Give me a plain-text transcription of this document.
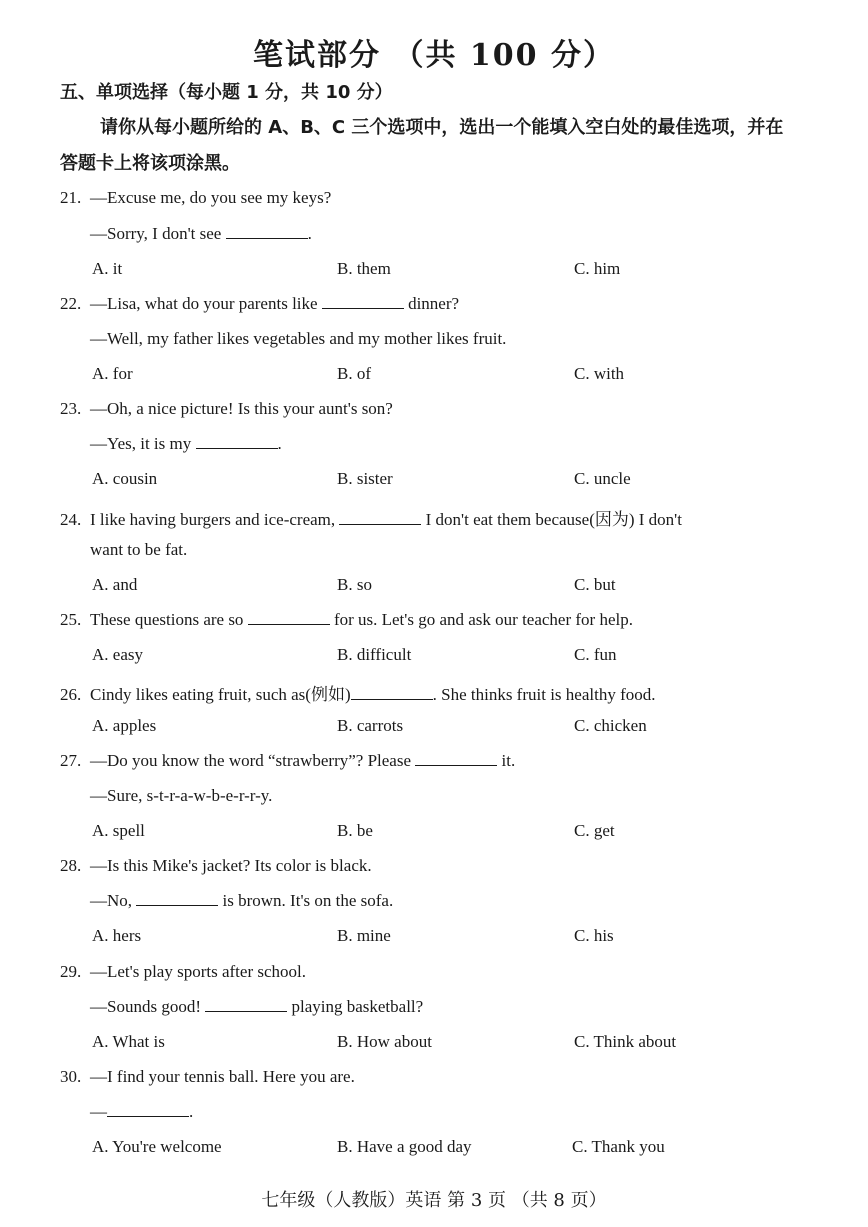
笔试部分 （共 100 分）
五、单项选择（每小题 1 分，共 10 分）
请你从每小题所给的 A、B、C 三个选项中，选出一个能填入空白处的最佳选项，并在
答题卡上将该项涂黑。
21. —Excuse me, do you see my keys?
—Sorry, I don't see	.
A. it	B. them	C. him
22. —Lisa, what do your parents like	dinner?
—Well, my father likes vegetables and my mother likes fruit.
A. for	B. of	C. with
23. —Oh, a nice picture! Is this your aunt's son?
—Yes, it is my	.
A. cousin	B. sister	C. uncle
24. I like having burgers and ice-cream,	I don't eat them because(因为) I don't
want to be fat.
A. and	B. so	C. but
25. These questions are so	for us. Let's go and ask our teacher for help.
A. easy	B. difficult	C. fun
26. Cindy likes eating fruit, such as(例如)	. She thinks fruit is healthy food.
A. apples	B. carrots	C. chicken
27. —Do you know the word “strawberry”? Please	it.
—Sure, s-t-r-a-w-b-e-r-r-y.
A. spell	B. be	C. get
28. —Is this Mike's jacket? Its color is black.
—No,	is brown. It's on the sofa.
A. hers	B. mine	C. his
29. —Let's play sports after school.
—Sounds good!	playing basketball?
A. What is	B. How about	C. Think about
30. —I find your tennis ball. Here you are.
—	.
A. You're welcome	B. Have a good day	C. Thank you
七年级（人教版）英语 第 3 页 （共 8 页）
